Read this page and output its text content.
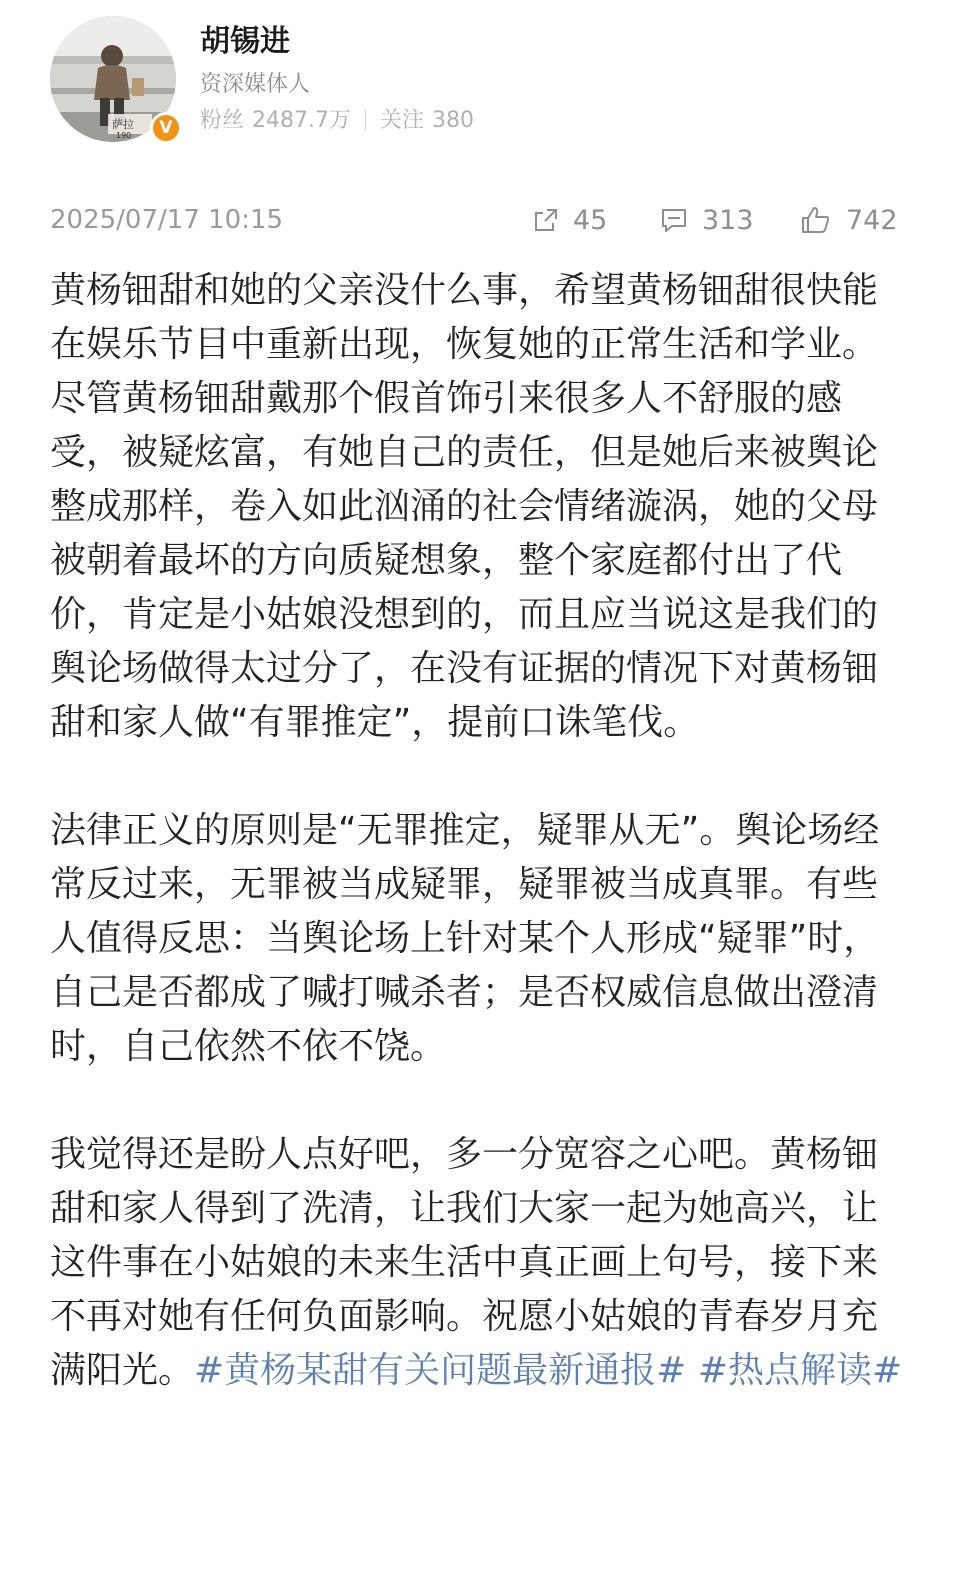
萨拉
190	V
胡锡进
资深媒体人
粉丝 2487.7万 关注 380
2025/07/17 10:15	45	313	742

黄杨钿甜和她的父亲没什么事，希望黄杨钿甜很快能在娱乐节目中重新出现，恢复她的正常生活和学业。

尽管黄杨钿甜戴那个假首饰引来很多人不舒服的感受，被疑炫富，有她自己的责任，但是她后来被舆论整成那样，卷入如此汹涌的社会情绪漩涡，她的父母被朝着最坏的方向质疑想象，整个家庭都付出了代价，肯定是小姑娘没想到的，而且应当说这是我们的舆论场做得太过分了，在没有证据的情况下对黄杨钿甜和家人做“有罪推定”，提前口诛笔伐。

法律正义的原则是“无罪推定，疑罪从无”。舆论场经常反过来，无罪被当成疑罪，疑罪被当成真罪。有些人值得反思：当舆论场上针对某个人形成“疑罪”时，自己是否都成了喊打喊杀者；是否权威信息做出澄清时，自己依然不依不饶。

我觉得还是盼人点好吧，多一分宽容之心吧。黄杨钿甜和家人得到了洗清，让我们大家一起为她高兴，让这件事在小姑娘的未来生活中真正画上句号，接下来不再对她有任何负面影响。祝愿小姑娘的青春岁月充满阳光。#黄杨某甜有关问题最新通报# #热点解读#
